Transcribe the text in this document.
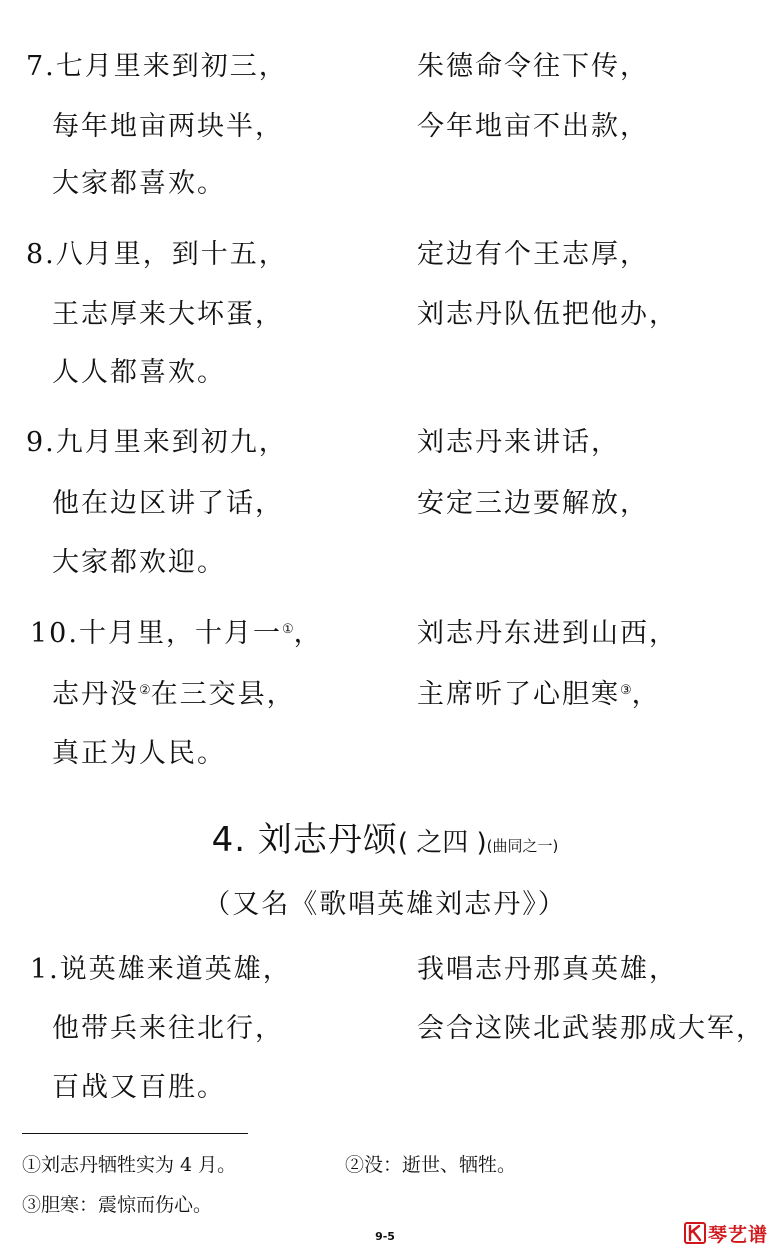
7.七月里来到初三，
每年地亩两块半，
大家都喜欢。
朱德命令往下传，
今年地亩不出款，
8.八月里，到十五，
王志厚来大坏蛋，
人人都喜欢。
定边有个王志厚，
刘志丹队伍把他办，
9.九月里来到初九，
他在边区讲了话，
大家都欢迎。
刘志丹来讲话，
安定三边要解放，
10.十月里，十月一①，
志丹没②在三交县，
真正为人民。
刘志丹东进到山西，
主席听了心胆寒③，
4. 刘志丹颂( 之四 )(曲同之一)
（又名《歌唱英雄刘志丹》）
1.说英雄来道英雄，
他带兵来往北行，
百战又百胜。
我唱志丹那真英雄，
会合这陕北武装那成大军，
①刘志丹牺牲实为 4 月。	②没：逝世、牺牲。
③胆寒：震惊而伤心。
9-5	琴艺谱
